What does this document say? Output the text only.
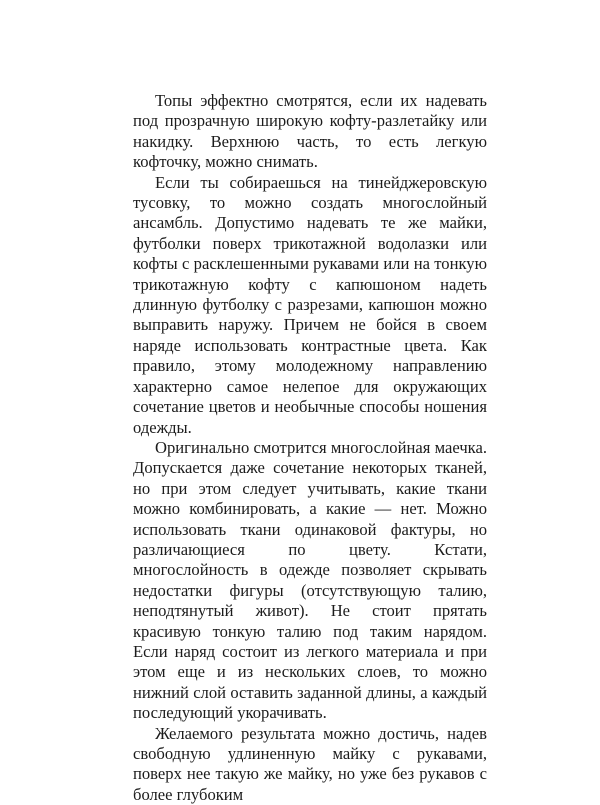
Топы эффектно смотрятся, если их надевать под прозрачную широкую кофту-разлетайку или накидку. Верхнюю часть, то есть легкую кофточку, можно снимать.

Если ты собираешься на тинейджеровскую тусовку, то можно создать многослойный ансамбль. Допустимо надевать те же майки, футболки поверх трикотажной водолазки или кофты с расклешенными рукавами или на тонкую трикотажную кофту с капюшоном надеть длинную футболку с разрезами, капюшон можно выправить наружу. Причем не бойся в своем наряде использовать контрастные цвета. Как правило, этому молодежному направлению характерно самое нелепое для окружающих сочетание цветов и необычные способы ношения одежды.

Оригинально смотрится многослойная маечка. Допускается даже сочетание некоторых тканей, но при этом следует учитывать, какие ткани можно комбинировать, а какие — нет. Можно использовать ткани одинаковой фактуры, но различающиеся по цвету. Кстати, многослойность в одежде позволяет скрывать недостатки фигуры (отсутствующую талию, неподтянутый живот). Не стоит прятать красивую тонкую талию под таким нарядом. Если наряд состоит из легкого материала и при этом еще и из нескольких слоев, то можно нижний слой оставить заданной длины, а каждый последующий укорачивать.

Желаемого результата можно достичь, надев свободную удлиненную майку с рукавами, поверх нее такую же майку, но уже без рукавов с более глубоким
